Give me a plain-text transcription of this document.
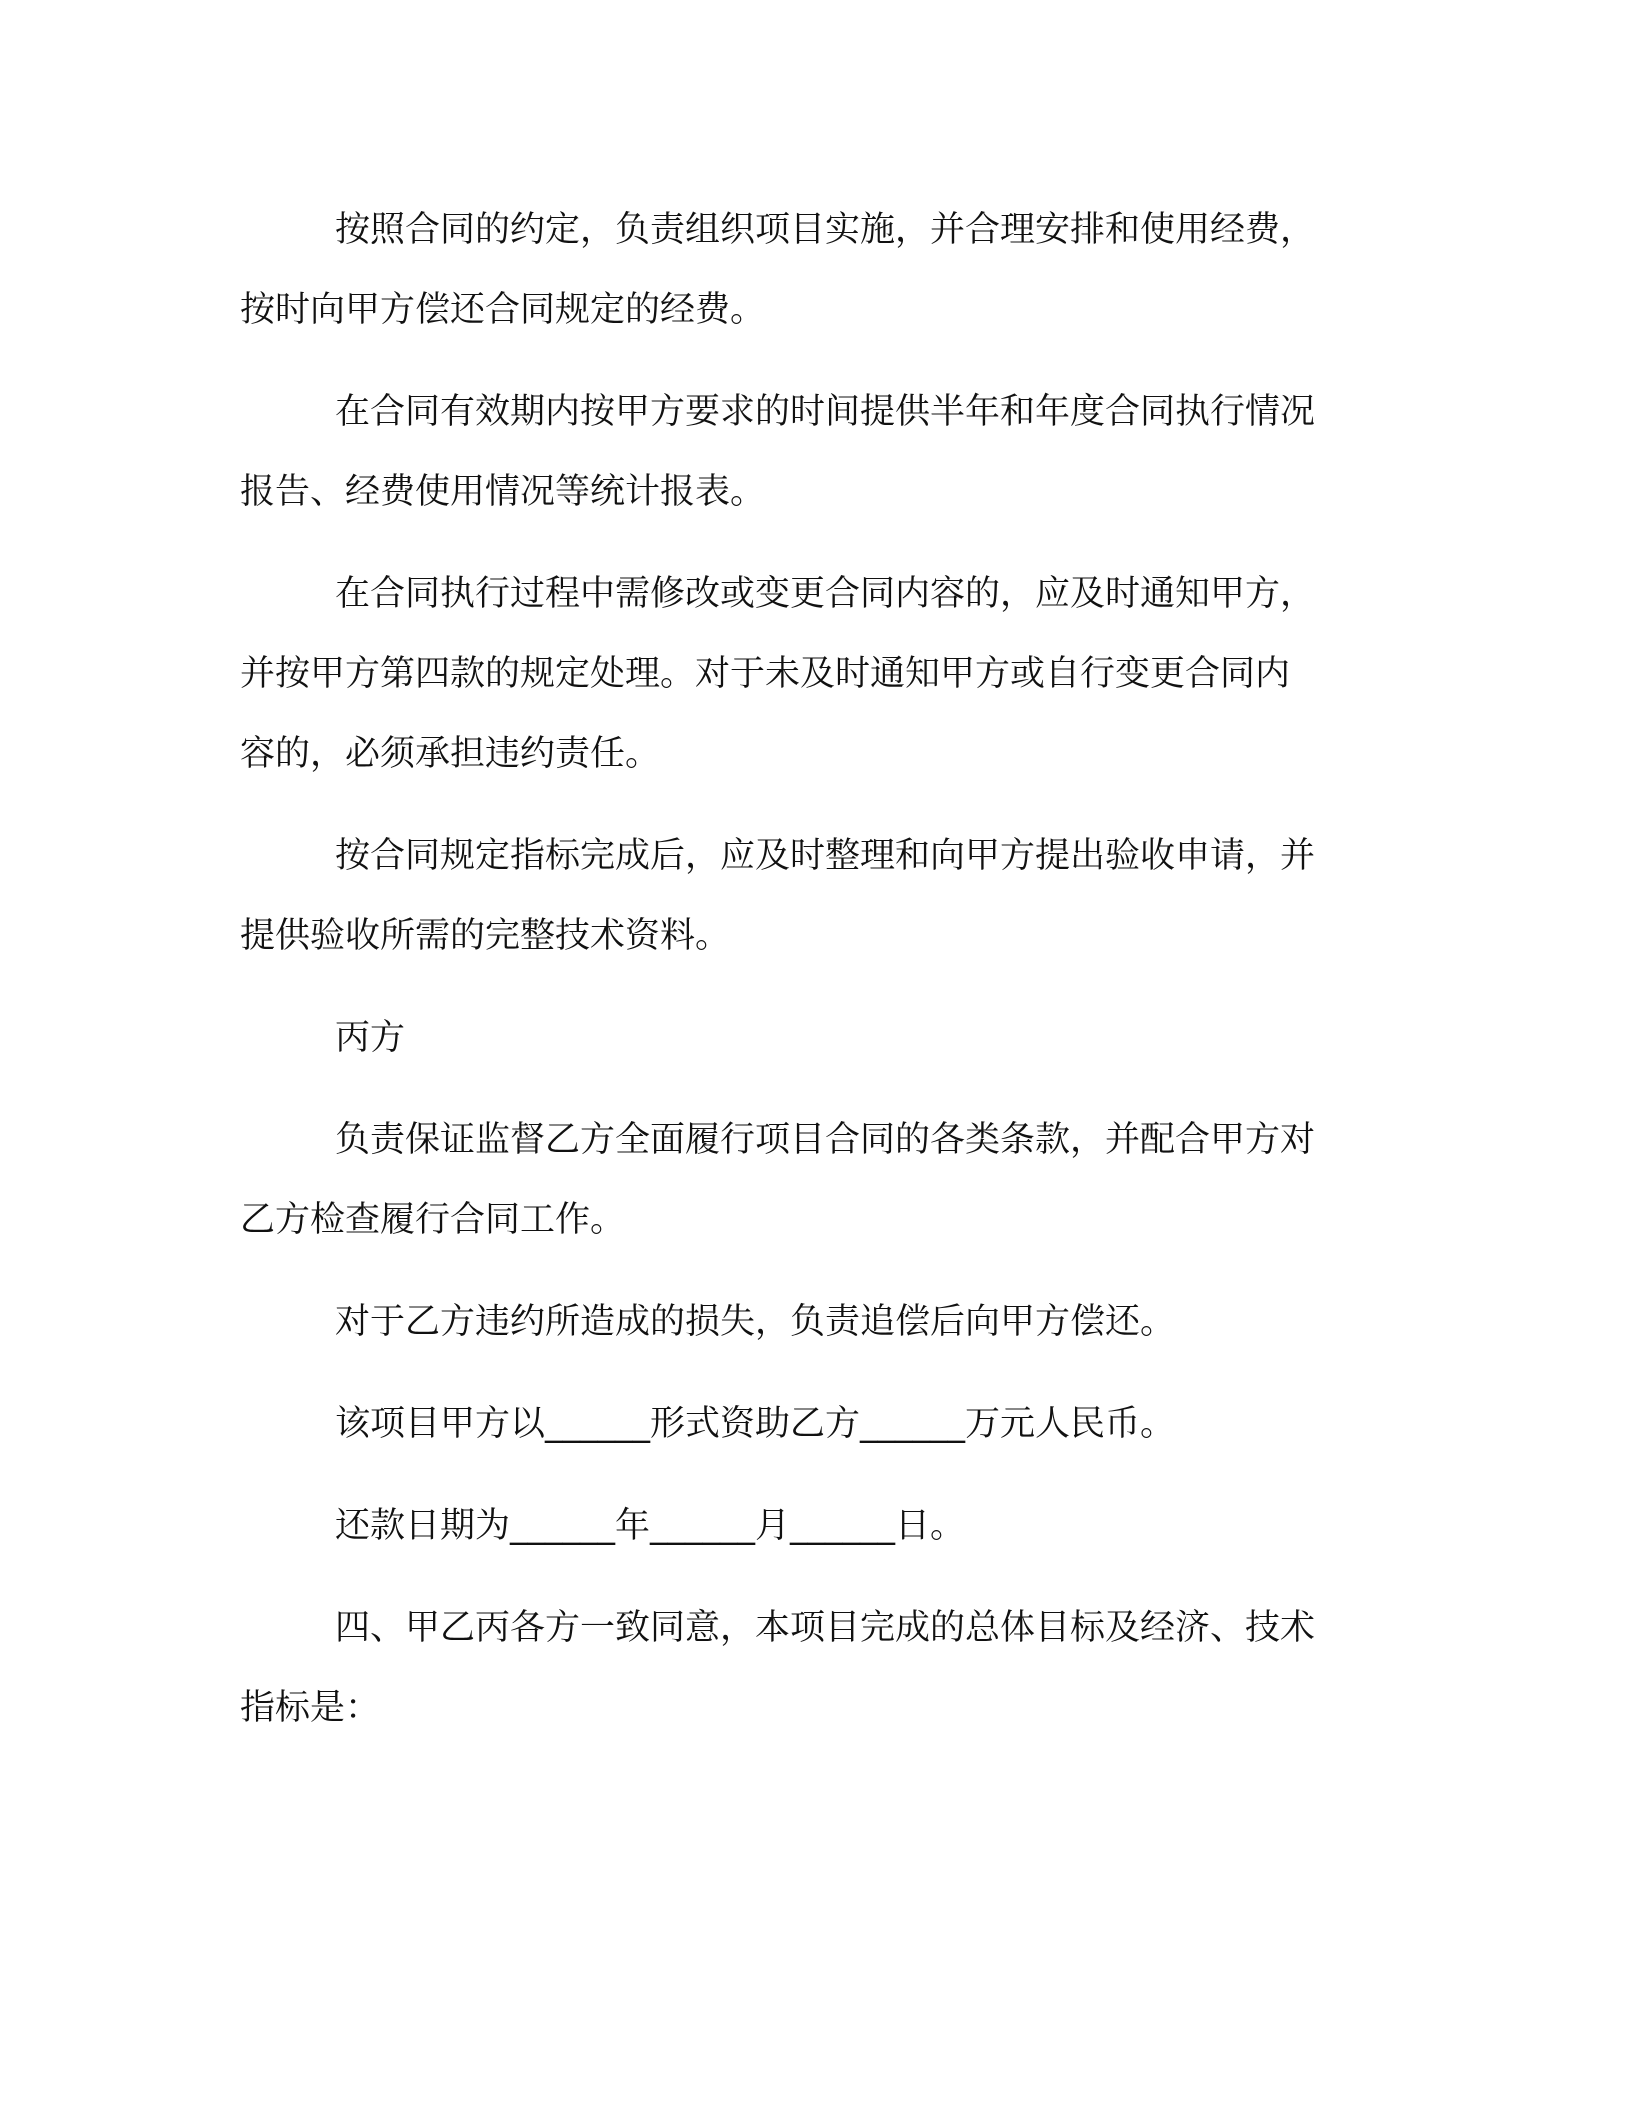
按照合同的约定，负责组织项目实施，并合理安排和使用经费，
按时向甲方偿还合同规定的经费。

在合同有效期内按甲方要求的时间提供半年和年度合同执行情况
报告、经费使用情况等统计报表。

在合同执行过程中需修改或变更合同内容的，应及时通知甲方，
并按甲方第四款的规定处理。对于未及时通知甲方或自行变更合同内
容的，必须承担违约责任。

按合同规定指标完成后，应及时整理和向甲方提出验收申请，并
提供验收所需的完整技术资料。

丙方

负责保证监督乙方全面履行项目合同的各类条款，并配合甲方对
乙方检查履行合同工作。

对于乙方违约所造成的损失，负责追偿后向甲方偿还。

该项目甲方以______形式资助乙方______万元人民币。

还款日期为______年______月______日。

四、甲乙丙各方一致同意，本项目完成的总体目标及经济、技术
指标是：
